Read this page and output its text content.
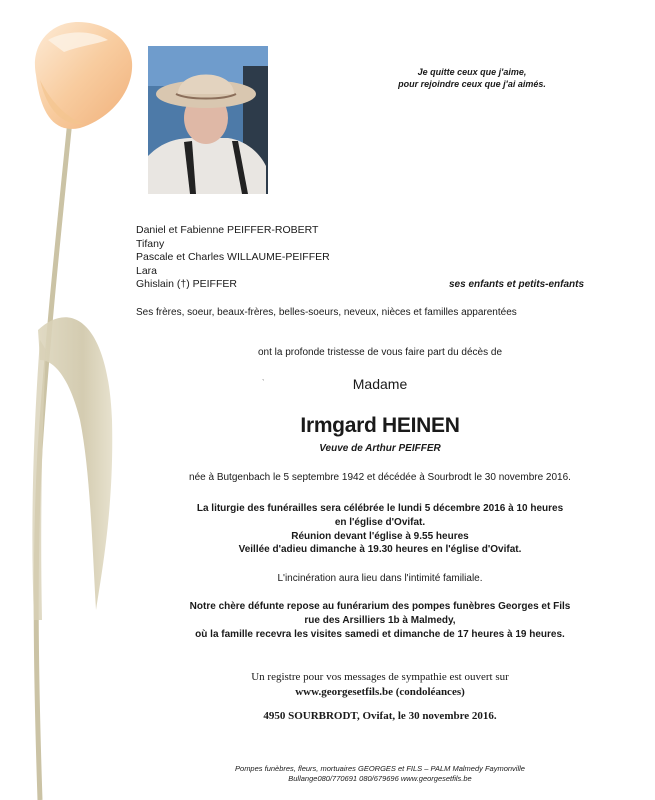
Je quitte ceux que j'aime,
pour rejoindre ceux que j'ai aimés.
Daniel et Fabienne PEIFFER-ROBERT
Tifany
Pascale et Charles WILLAUME-PEIFFER
Lara
Ghislain (†) PEIFFER	ses enfants et petits-enfants
Ses frères, soeur, beaux-frères, belles-soeurs, neveux, nièces et familles apparentées
ont la profonde tristesse de vous faire part du décès de
ˎ	Madame
Irmgard HEINEN
Veuve de Arthur PEIFFER
née à Butgenbach le 5 septembre 1942 et décédée à Sourbrodt le 30 novembre 2016.
La liturgie des funérailles sera célébrée le lundi 5 décembre 2016 à 10 heures
en l'église d'Ovifat.
Réunion devant l'église à 9.55 heures
Veillée d'adieu dimanche à 19.30 heures en l'église d'Ovifat.
L'incinération aura lieu dans l'intimité familiale.
Notre chère défunte repose au funérarium des pompes funèbres Georges et Fils
rue des Arsilliers 1b à Malmedy,
où la famille recevra les visites samedi et dimanche de 17 heures à 19 heures.
Un registre pour vos messages de sympathie est ouvert sur
www.georgesetfils.be (condoléances)
4950 SOURBRODT, Ovifat, le 30 novembre 2016.
Pompes funèbres, fleurs, mortuaires GEORGES et FILS – PALM Malmedy Faymonville
Bullange080/770691 080/679696 www.georgesetfils.be
